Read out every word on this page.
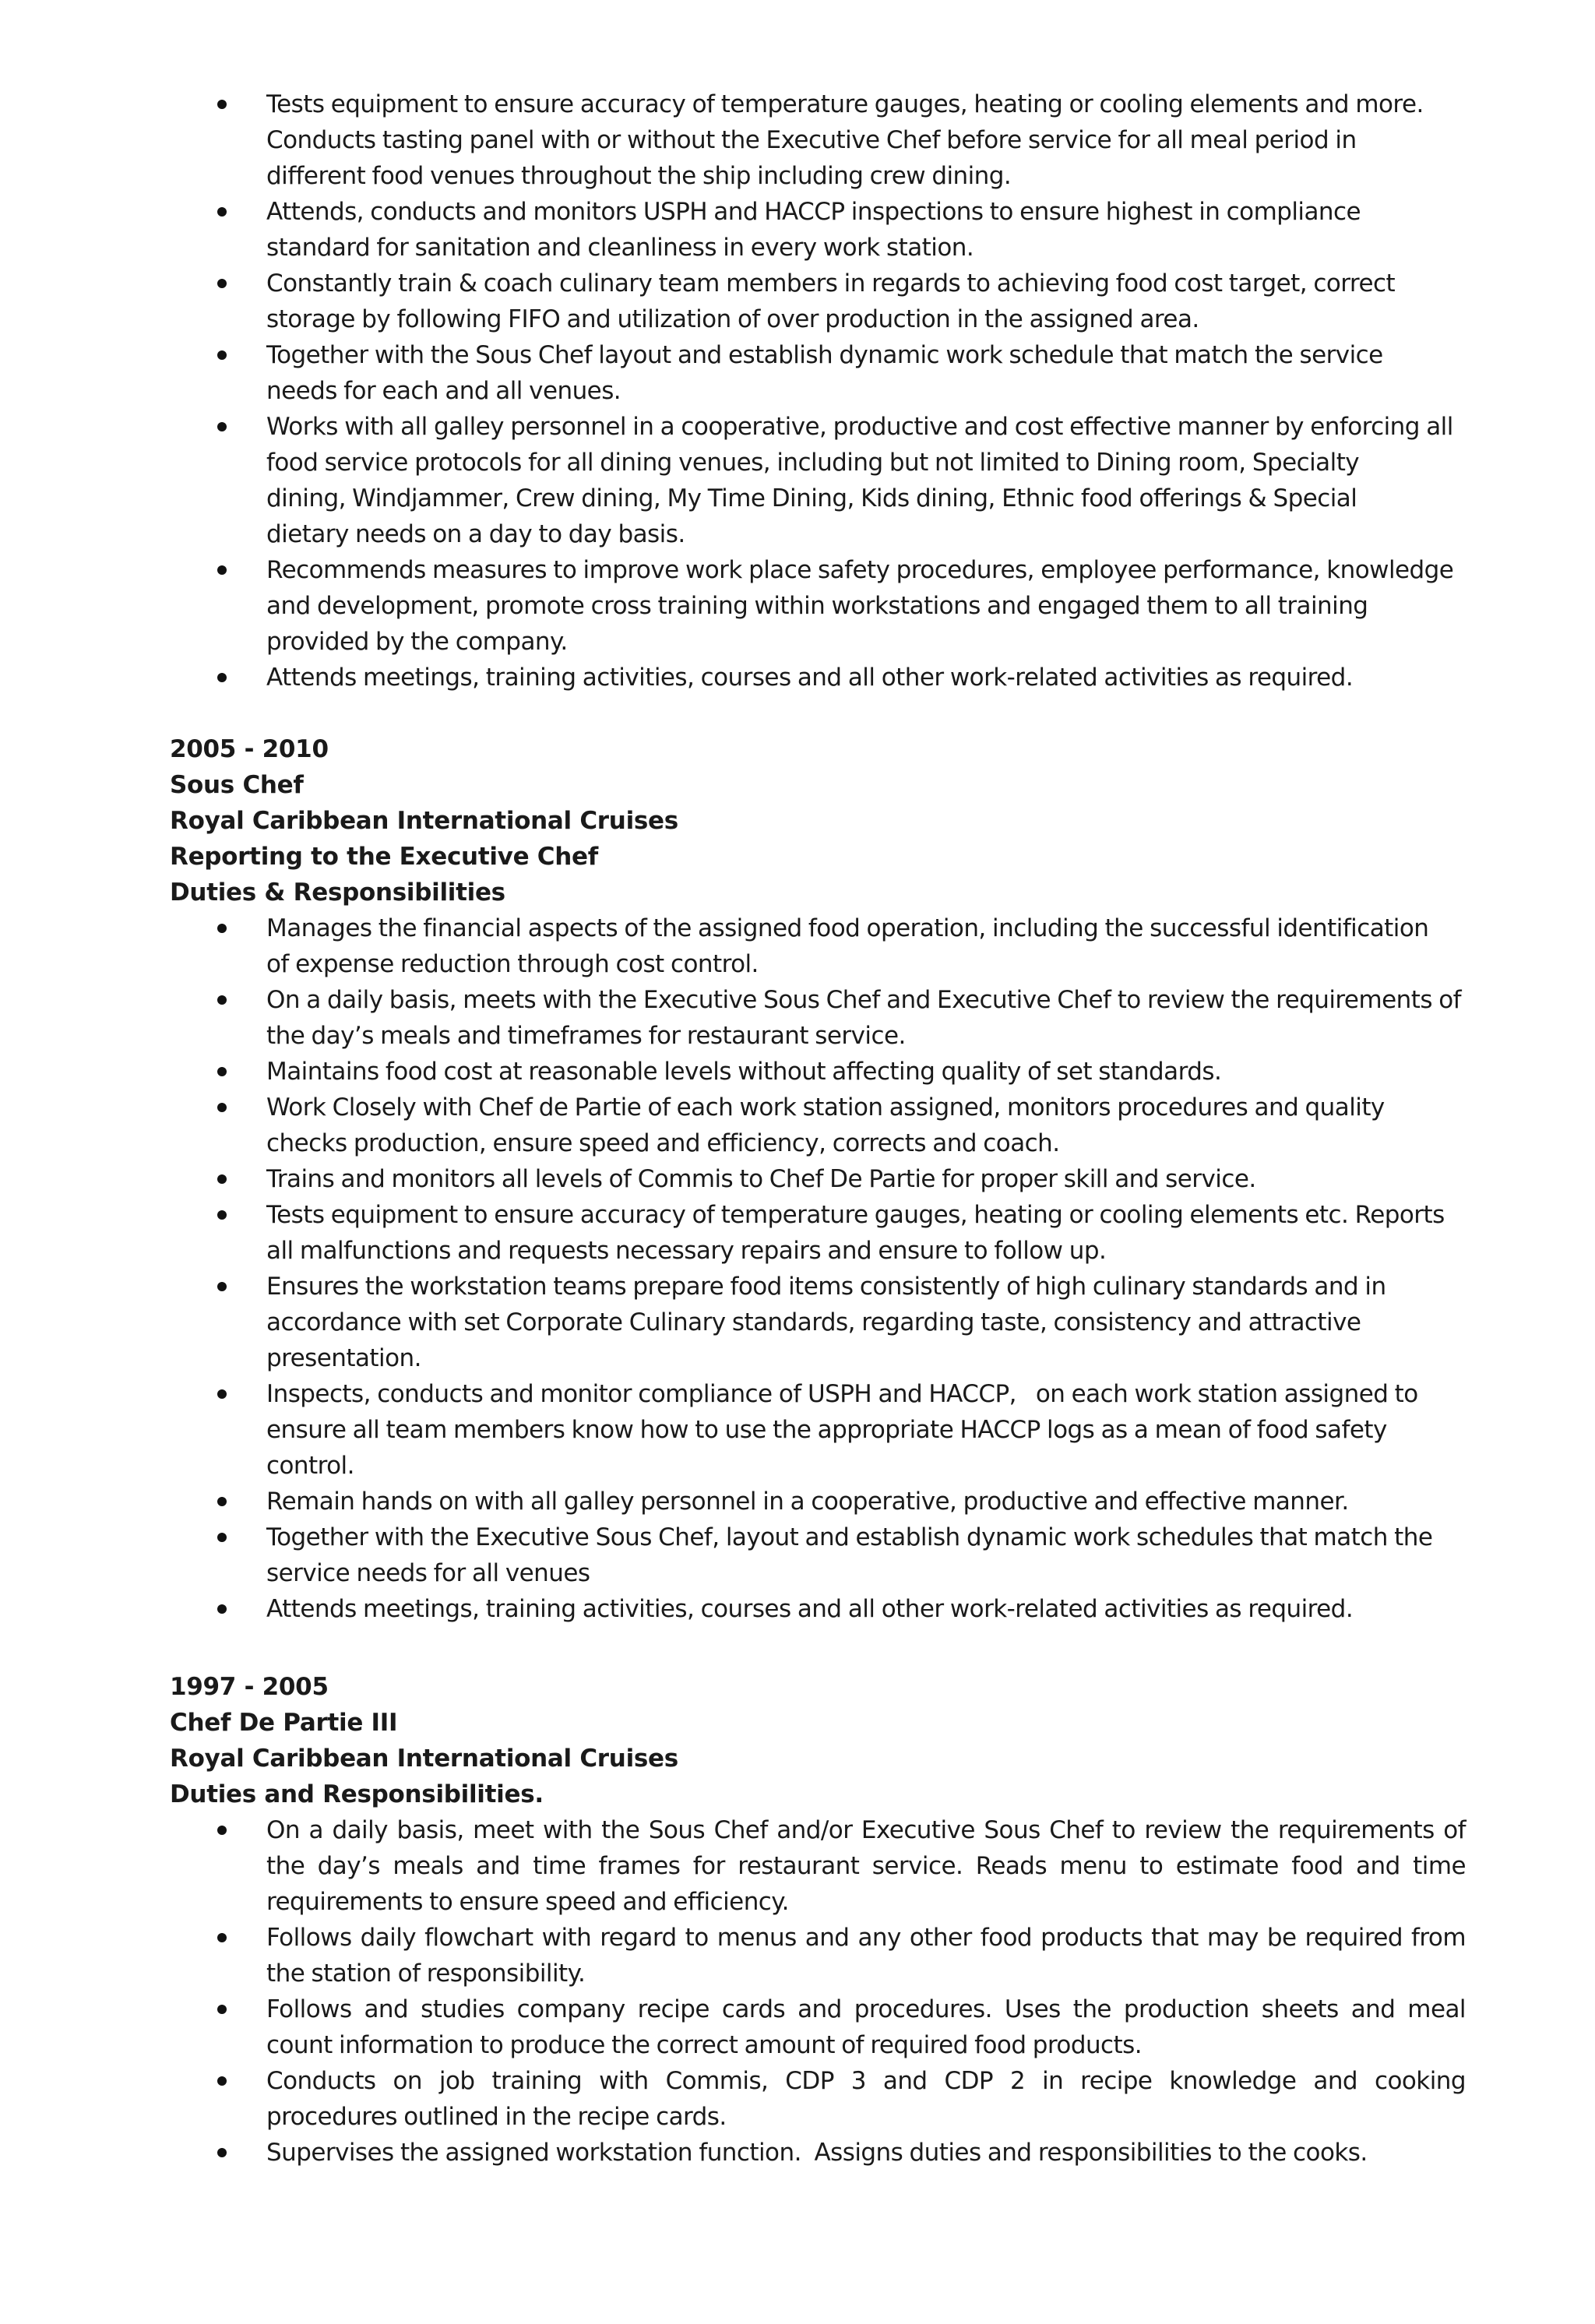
Tests equipment to ensure accuracy of temperature gauges, heating or cooling elements and more.
Conducts tasting panel with or without the Executive Chef before service for all meal period in
different food venues throughout the ship including crew dining.
Attends, conducts and monitors USPH and HACCP inspections to ensure highest in compliance
standard for sanitation and cleanliness in every work station.
Constantly train & coach culinary team members in regards to achieving food cost target, correct
storage by following FIFO and utilization of over production in the assigned area.
Together with the Sous Chef layout and establish dynamic work schedule that match the service
needs for each and all venues.
Works with all galley personnel in a cooperative, productive and cost effective manner by enforcing all
food service protocols for all dining venues, including but not limited to Dining room, Specialty
dining, Windjammer, Crew dining, My Time Dining, Kids dining, Ethnic food offerings & Special
dietary needs on a day to day basis.
Recommends measures to improve work place safety procedures, employee performance, knowledge
and development, promote cross training within workstations and engaged them to all training
provided by the company.
Attends meetings, training activities, courses and all other work-related activities as required.
2005 - 2010
Sous Chef
Royal Caribbean International Cruises
Reporting to the Executive Chef
Duties & Responsibilities
Manages the financial aspects of the assigned food operation, including the successful identification
of expense reduction through cost control.
On a daily basis, meets with the Executive Sous Chef and Executive Chef to review the requirements of
the day’s meals and timeframes for restaurant service.
Maintains food cost at reasonable levels without affecting quality of set standards.
Work Closely with Chef de Partie of each work station assigned, monitors procedures and quality
checks production, ensure speed and efficiency, corrects and coach.
Trains and monitors all levels of Commis to Chef De Partie for proper skill and service.
Tests equipment to ensure accuracy of temperature gauges, heating or cooling elements etc. Reports
all malfunctions and requests necessary repairs and ensure to follow up.
Ensures the workstation teams prepare food items consistently of high culinary standards and in
accordance with set Corporate Culinary standards, regarding taste, consistency and attractive
presentation.
Inspects, conducts and monitor compliance of USPH and HACCP,   on each work station assigned to
ensure all team members know how to use the appropriate HACCP logs as a mean of food safety
control.
Remain hands on with all galley personnel in a cooperative, productive and effective manner.
Together with the Executive Sous Chef, layout and establish dynamic work schedules that match the
service needs for all venues
Attends meetings, training activities, courses and all other work-related activities as required.
1997 - 2005
Chef De Partie III
Royal Caribbean International Cruises
Duties and Responsibilities.
On a daily basis, meet with the Sous Chef and/or Executive Sous Chef to review the requirements of
the day’s meals and time frames for restaurant service. Reads menu to estimate food and time
requirements to ensure speed and efficiency.
Follows daily flowchart with regard to menus and any other food products that may be required from
the station of responsibility.
Follows and studies company recipe cards and procedures. Uses the production sheets and meal
count information to produce the correct amount of required food products.
Conducts on job training with Commis, CDP 3 and CDP 2 in recipe knowledge and cooking
procedures outlined in the recipe cards.
Supervises the assigned workstation function.  Assigns duties and responsibilities to the cooks.
